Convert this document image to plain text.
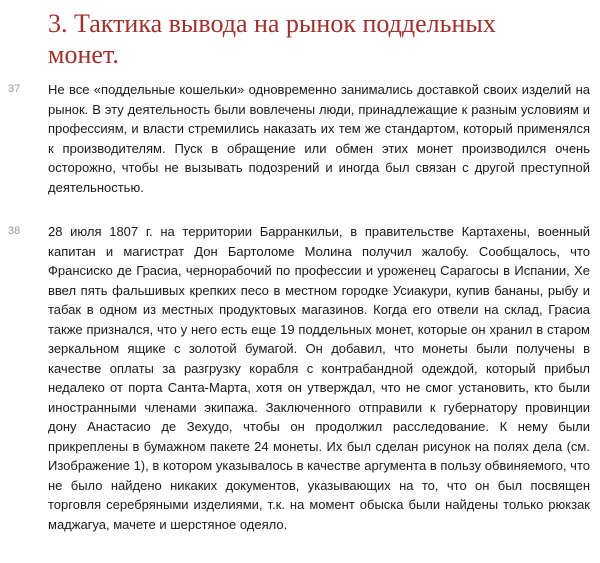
3. Тактика вывода на рынок поддельных монет.
37	Не все «поддельные кошельки» одновременно занимались доставкой своих изделий на рынок. В эту деятельность были вовлечены люди, принадлежащие к разным условиям и профессиям, и власти стремились наказать их тем же стандартом, который применялся к производителям. Пуск в обращение или обмен этих монет производился очень осторожно, чтобы не вызывать подозрений и иногда был связан с другой преступной деятельностью.

38	28 июля 1807 г. на территории Барранкильи, в правительстве Картахены, военный капитан и магистрат Дон Бартоломе Молина получил жалобу. Сообщалось, что Франсиско де Грасиа, чернорабочий по профессии и уроженец Сарагосы в Испании, Хе ввел пять фальшивых крепких песо в местном городке Усиакури, купив бананы, рыбу и табак в одном из местных продуктовых магазинов. Когда его отвели на склад, Грасиа также признался, что у него есть еще 19 поддельных монет, которые он хранил в старом зеркальном ящике с золотой бумагой. Он добавил, что монеты были получены в качестве оплаты за разгрузку корабля с контрабандной одеждой, который прибыл недалеко от порта Санта-Марта, хотя он утверждал, что не смог установить, кто были иностранными членами экипажа. Заключенного отправили к губернатору провинции дону Анастасио де Зехудо, чтобы он продолжил расследование. К нему были прикреплены в бумажном пакете 24 монеты. Их был сделан рисунок на полях дела (см. Изображение 1), в котором указывалось в качестве аргумента в пользу обвиняемого, что не было найдено никаких документов, указывающих на то, что он был посвящен торговля серебряными изделиями, т.к. на момент обыска были найдены только рюкзак маджагуа, мачете и шерстяное одеяло.
